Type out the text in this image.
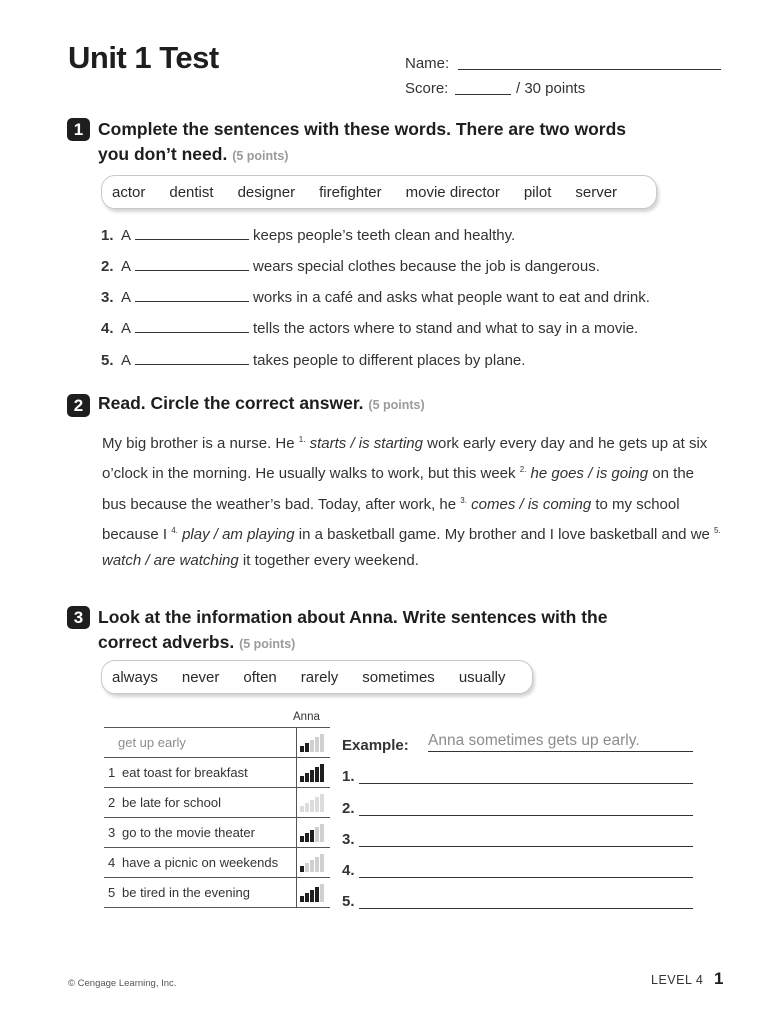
Unit 1 Test	Name:
Score:	/ 30 points
1 Complete the sentences with these words. There are two words
you don’t need. (5 points)
actor dentist designer firefighter movie director pilot server
1. A	keeps people’s teeth clean and healthy.
2. A	wears special clothes because the job is dangerous.
3. A	works in a café and asks what people want to eat and drink.
4. A	tells the actors where to stand and what to say in a movie.
5. A	takes people to different places by plane.
2 Read. Circle the correct answer. (5 points)
My big brother is a nurse. He $^{1.}$ starts / is starting work early every day and he gets up at six o’clock in the morning. He usually walks to work, but this week $^{2.}$ he goes / is going on the bus because the weather’s bad. Today, after work, he $^{3.}$ comes / is coming to my school because I $^{4.}$ play / am playing in a basketball game. My brother and I love basketball and we $^{5.}$ watch / are watching it together every weekend.
3 Look at the information about Anna. Write sentences with the
correct adverbs. (5 points)
always never often rarely sometimes usually
Anna
get up early	

1 eat toast for breakfast	

2 be late for school	

3 go to the movie theater	

4 have a picnic on weekends	

5 be tired in the evening	
Example: Anna sometimes gets up early.
1.
2.
3.
4.
5.
© Cengage Learning, Inc.	LEVEL 4 1
